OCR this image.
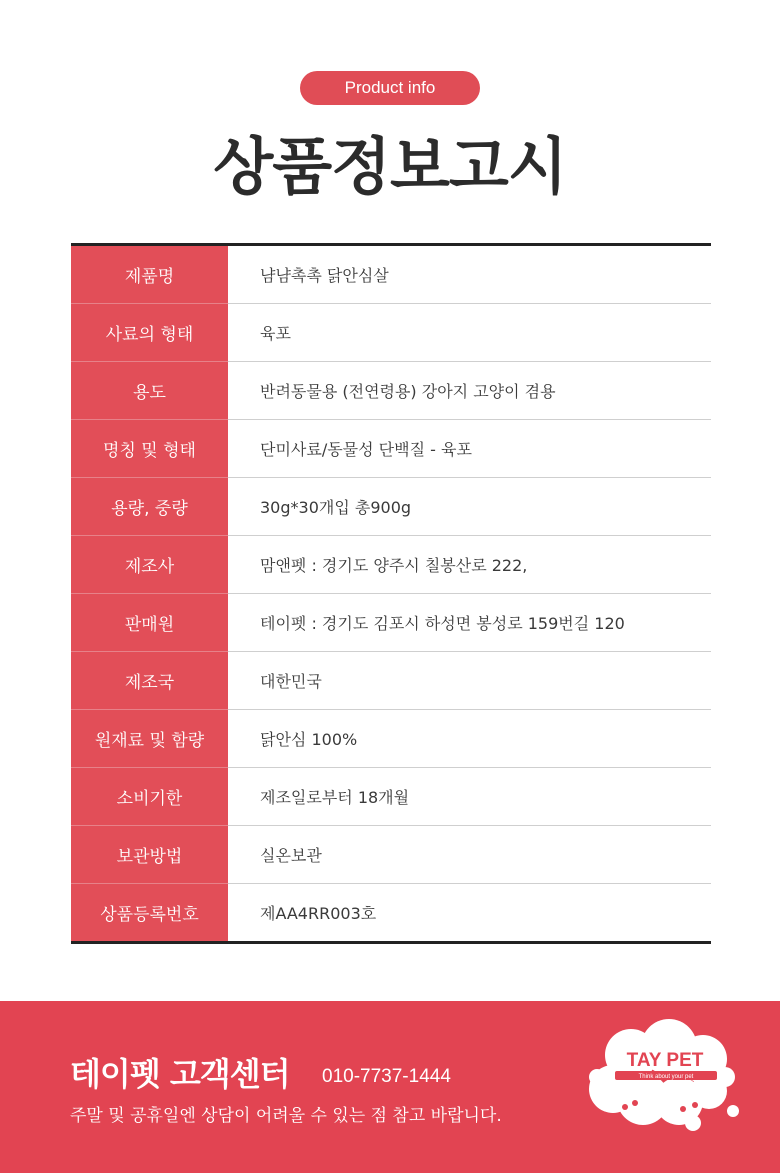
Product info
상품정보고시
제품명	냠냠촉촉 닭안심살
사료의 형태	육포
용도	반려동물용 (전연령용) 강아지 고양이 겸용
명칭 및 형태	단미사료/동물성 단백질 - 육포
용량, 중량	30g*30개입 총900g
제조사	맘앤펫 : 경기도 양주시 칠봉산로 222,
판매원	테이펫 : 경기도 김포시 하성면 봉성로 159번길 120
제조국	대한민국
원재료 및 함량	닭안심 100%
소비기한	제조일로부터 18개월
보관방법	실온보관
상품등록번호	제AA4RR003호
테이펫 고객센터 010-7737-1444
주말 및 공휴일엔 상담이 어려울 수 있는 점 참고 바랍니다.
TAY PET
Think about your pet
